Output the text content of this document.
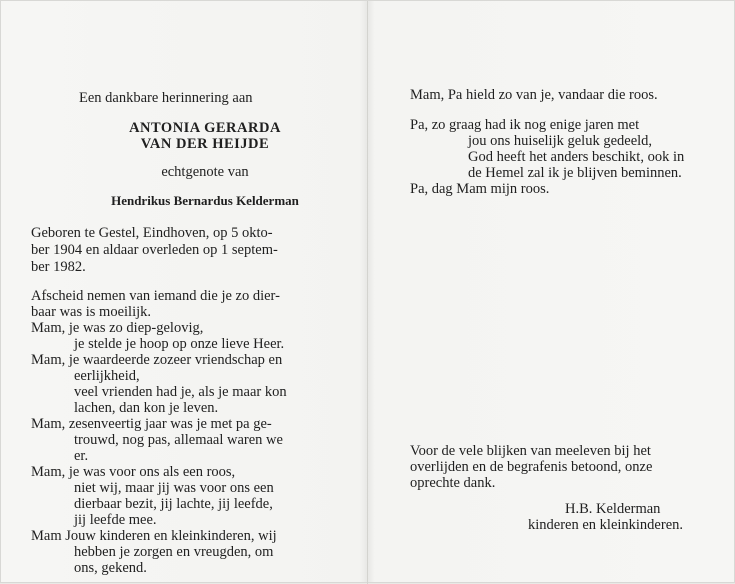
Een dankbare herinnering aan
ANTONIA GERARDA
VAN DER HEIJDE
echtgenote van
Hendrikus Bernardus Kelderman
Geboren te Gestel, Eindhoven, op 5 okto-
ber 1904 en aldaar overleden op 1 septem-
ber 1982.
Afscheid nemen van iemand die je zo dier-
baar was is moeilijk.
Mam, je was zo diep-gelovig,
je stelde je hoop op onze lieve Heer.
Mam, je waardeerde zozeer vriendschap en
eerlijkheid,
veel vrienden had je, als je maar kon
lachen, dan kon je leven.
Mam, zesenveertig jaar was je met pa ge-
trouwd, nog pas, allemaal waren we
er.
Mam, je was voor ons als een roos,
niet wij, maar jij was voor ons een
dierbaar bezit, jij lachte, jij leefde,
jij leefde mee.
Mam Jouw kinderen en kleinkinderen, wij
hebben je zorgen en vreugden, om
ons, gekend.
Mam, Pa hield zo van je, vandaar die roos.
Pa, zo graag had ik nog enige jaren met
jou ons huiselijk geluk gedeeld,
God heeft het anders beschikt, ook in
de Hemel zal ik je blijven beminnen.
Pa, dag Mam mijn roos.
Voor de vele blijken van meeleven bij het
overlijden en de begrafenis betoond, onze
oprechte dank.
H.B. Kelderman
kinderen en kleinkinderen.
